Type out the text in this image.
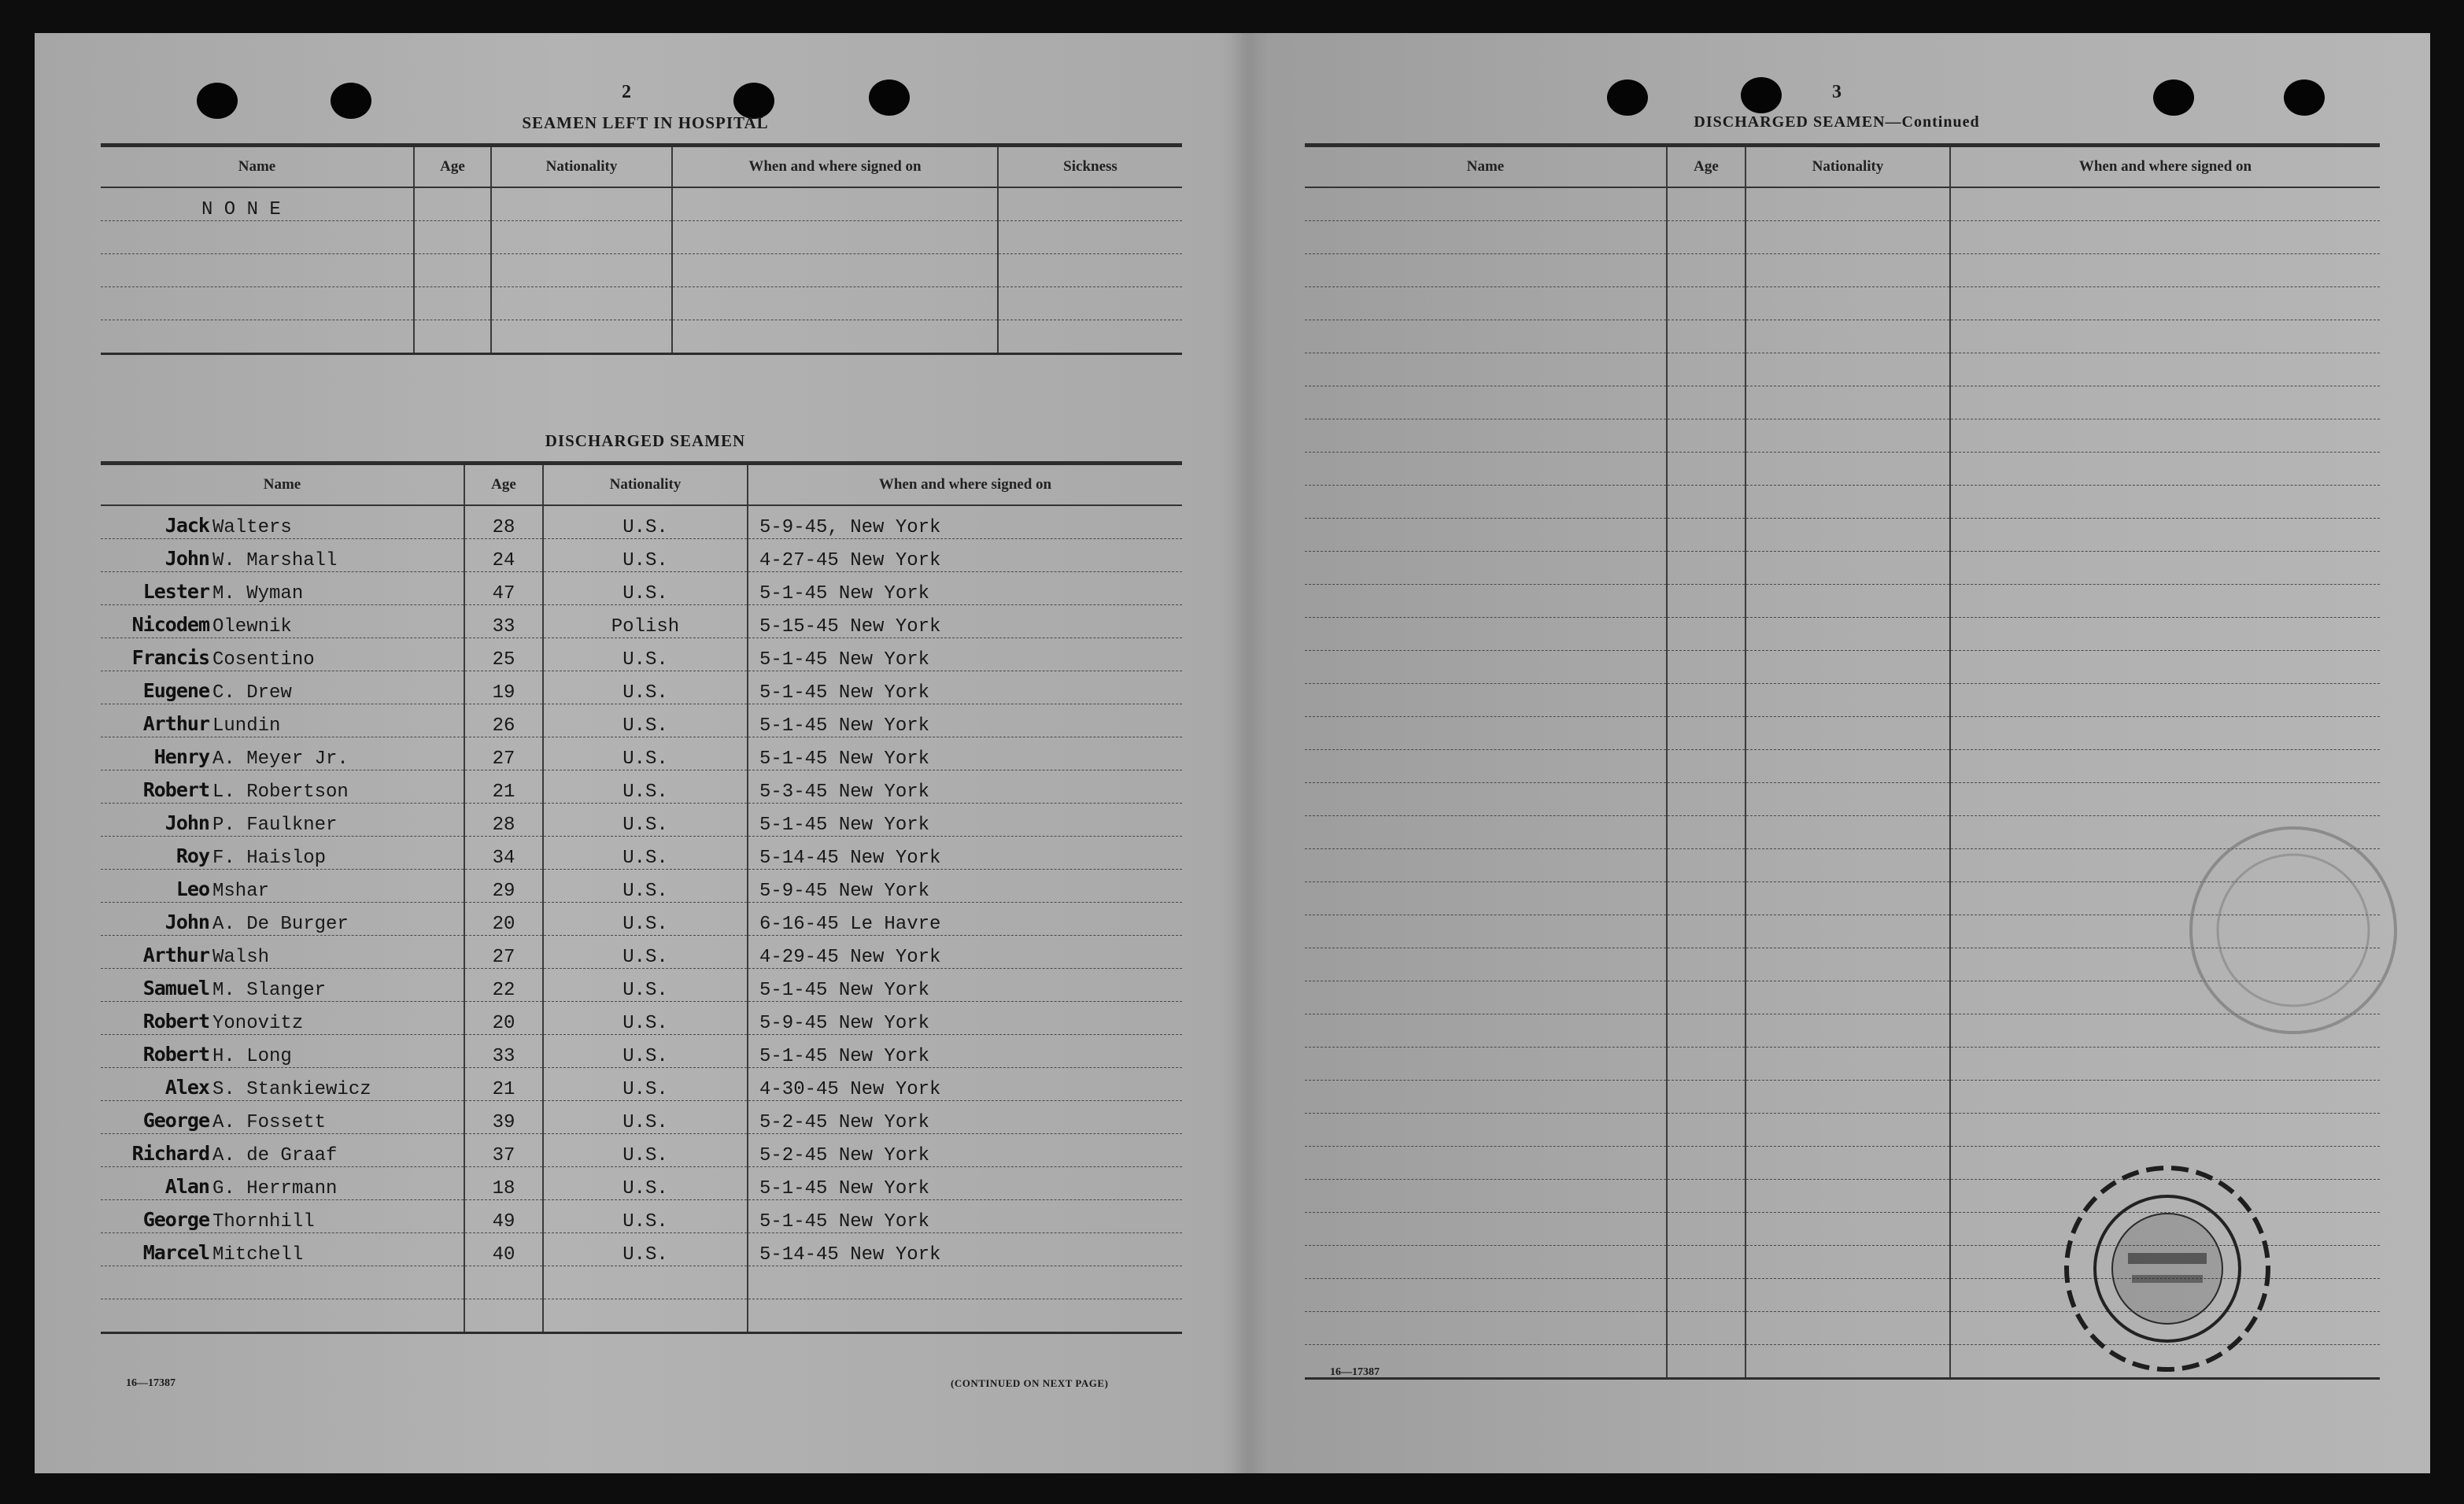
2
SEAMEN LEFT IN HOSPITAL
Name	Age	Nationality	When and where signed on	Sickness
N O N E				

DISCHARGED SEAMEN
Name	Age	Nationality	When and where signed on
Jack Walters	28	U.S.	5-9-45, New York
John W. Marshall	24	U.S.	4-27-45 New York
Lester M. Wyman	47	U.S.	5-1-45 New York
Nicodem Olewnik	33	Polish	5-15-45 New York
Francis Cosentino	25	U.S.	5-1-45 New York
Eugene C. Drew	19	U.S.	5-1-45 New York
Arthur Lundin	26	U.S.	5-1-45 New York
Henry A. Meyer Jr.	27	U.S.	5-1-45 New York
Robert L. Robertson	21	U.S.	5-3-45 New York
John P. Faulkner	28	U.S.	5-1-45 New York
Roy F. Haislop	34	U.S.	5-14-45 New York
Leo Mshar	29	U.S.	5-9-45 New York
John A. De Burger	20	U.S.	6-16-45 Le Havre
Arthur Walsh	27	U.S.	4-29-45 New York
Samuel M. Slanger	22	U.S.	5-1-45 New York
Robert Yonovitz	20	U.S.	5-9-45 New York
Robert H. Long	33	U.S.	5-1-45 New York
Alex S. Stankiewicz	21	U.S.	4-30-45 New York
George A. Fossett	39	U.S.	5-2-45 New York
Richard A. de Graaf	37	U.S.	5-2-45 New York
Alan G. Herrmann	18	U.S.	5-1-45 New York
George Thornhill	49	U.S.	5-1-45 New York
Marcel Mitchell	40	U.S.	5-14-45 New York

16—17387	(CONTINUED ON NEXT PAGE)
3
DISCHARGED SEAMEN—Continued
Name	Age	Nationality	When and where signed on

16—17387
